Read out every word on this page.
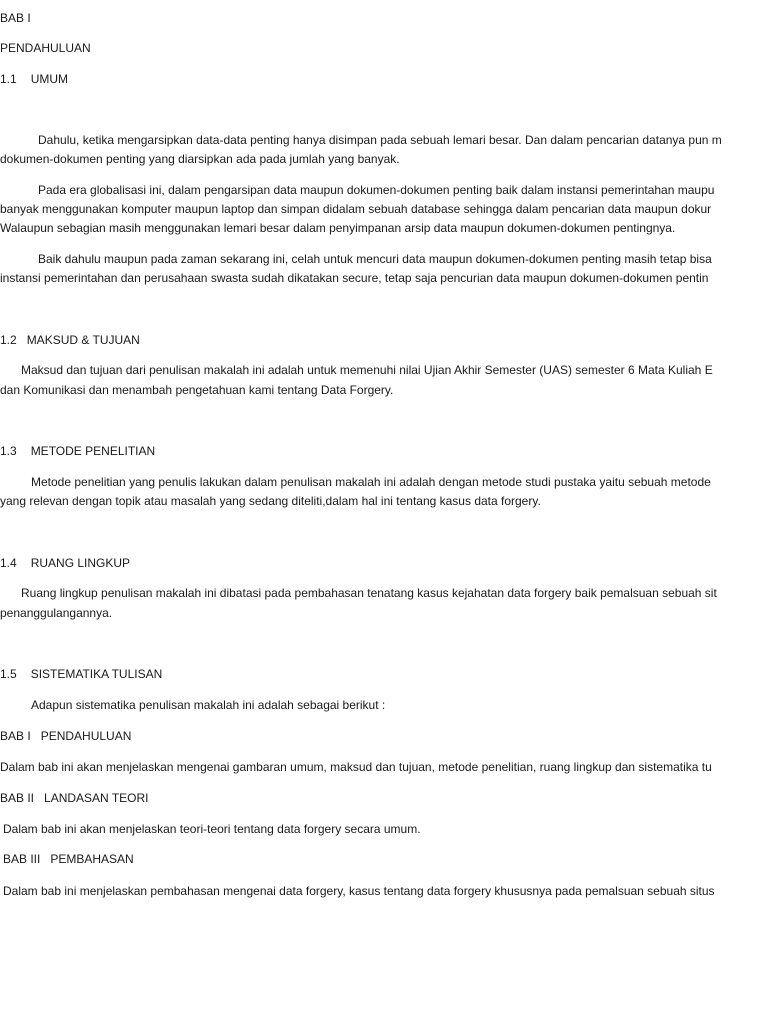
BAB I
PENDAHULUAN
1.1 UMUM
Dahulu, ketika mengarsipkan data-data penting hanya disimpan pada sebuah lemari besar. Dan dalam pencarian datanya pun m
dokumen-dokumen penting yang diarsipkan ada pada jumlah yang banyak.
Pada era globalisasi ini, dalam pengarsipan data maupun dokumen-dokumen penting baik dalam instansi pemerintahan maupu
banyak menggunakan komputer maupun laptop dan simpan didalam sebuah database sehingga dalam pencarian data maupun dokur
Walaupun sebagian masih menggunakan lemari besar dalam penyimpanan arsip data maupun dokumen-dokumen pentingnya.
Baik dahulu maupun pada zaman sekarang ini, celah untuk mencuri data maupun dokumen-dokumen penting masih tetap bisa
instansi pemerintahan dan perusahaan swasta sudah dikatakan secure, tetap saja pencurian data maupun dokumen-dokumen pentin
1.2 MAKSUD & TUJUAN
Maksud dan tujuan dari penulisan makalah ini adalah untuk memenuhi nilai Ujian Akhir Semester (UAS) semester 6 Mata Kuliah E
dan Komunikasi dan menambah pengetahuan kami tentang Data Forgery.
1.3 METODE PENELITIAN
Metode penelitian yang penulis lakukan dalam penulisan makalah ini adalah dengan metode studi pustaka yaitu sebuah metode
yang relevan dengan topik atau masalah yang sedang diteliti,dalam hal ini tentang kasus data forgery.
1.4 RUANG LINGKUP
Ruang lingkup penulisan makalah ini dibatasi pada pembahasan tenatang kasus kejahatan data forgery baik pemalsuan sebuah sit
penanggulangannya.
1.5 SISTEMATIKA TULISAN
Adapun sistematika penulisan makalah ini adalah sebagai berikut :
BAB I PENDAHULUAN
Dalam bab ini akan menjelaskan mengenai gambaran umum, maksud dan tujuan, metode penelitian, ruang lingkup dan sistematika tu
BAB II LANDASAN TEORI
Dalam bab ini akan menjelaskan teori-teori tentang data forgery secara umum.
BAB III PEMBAHASAN
Dalam bab ini menjelaskan pembahasan mengenai data forgery, kasus tentang data forgery khususnya pada pemalsuan sebuah situs
